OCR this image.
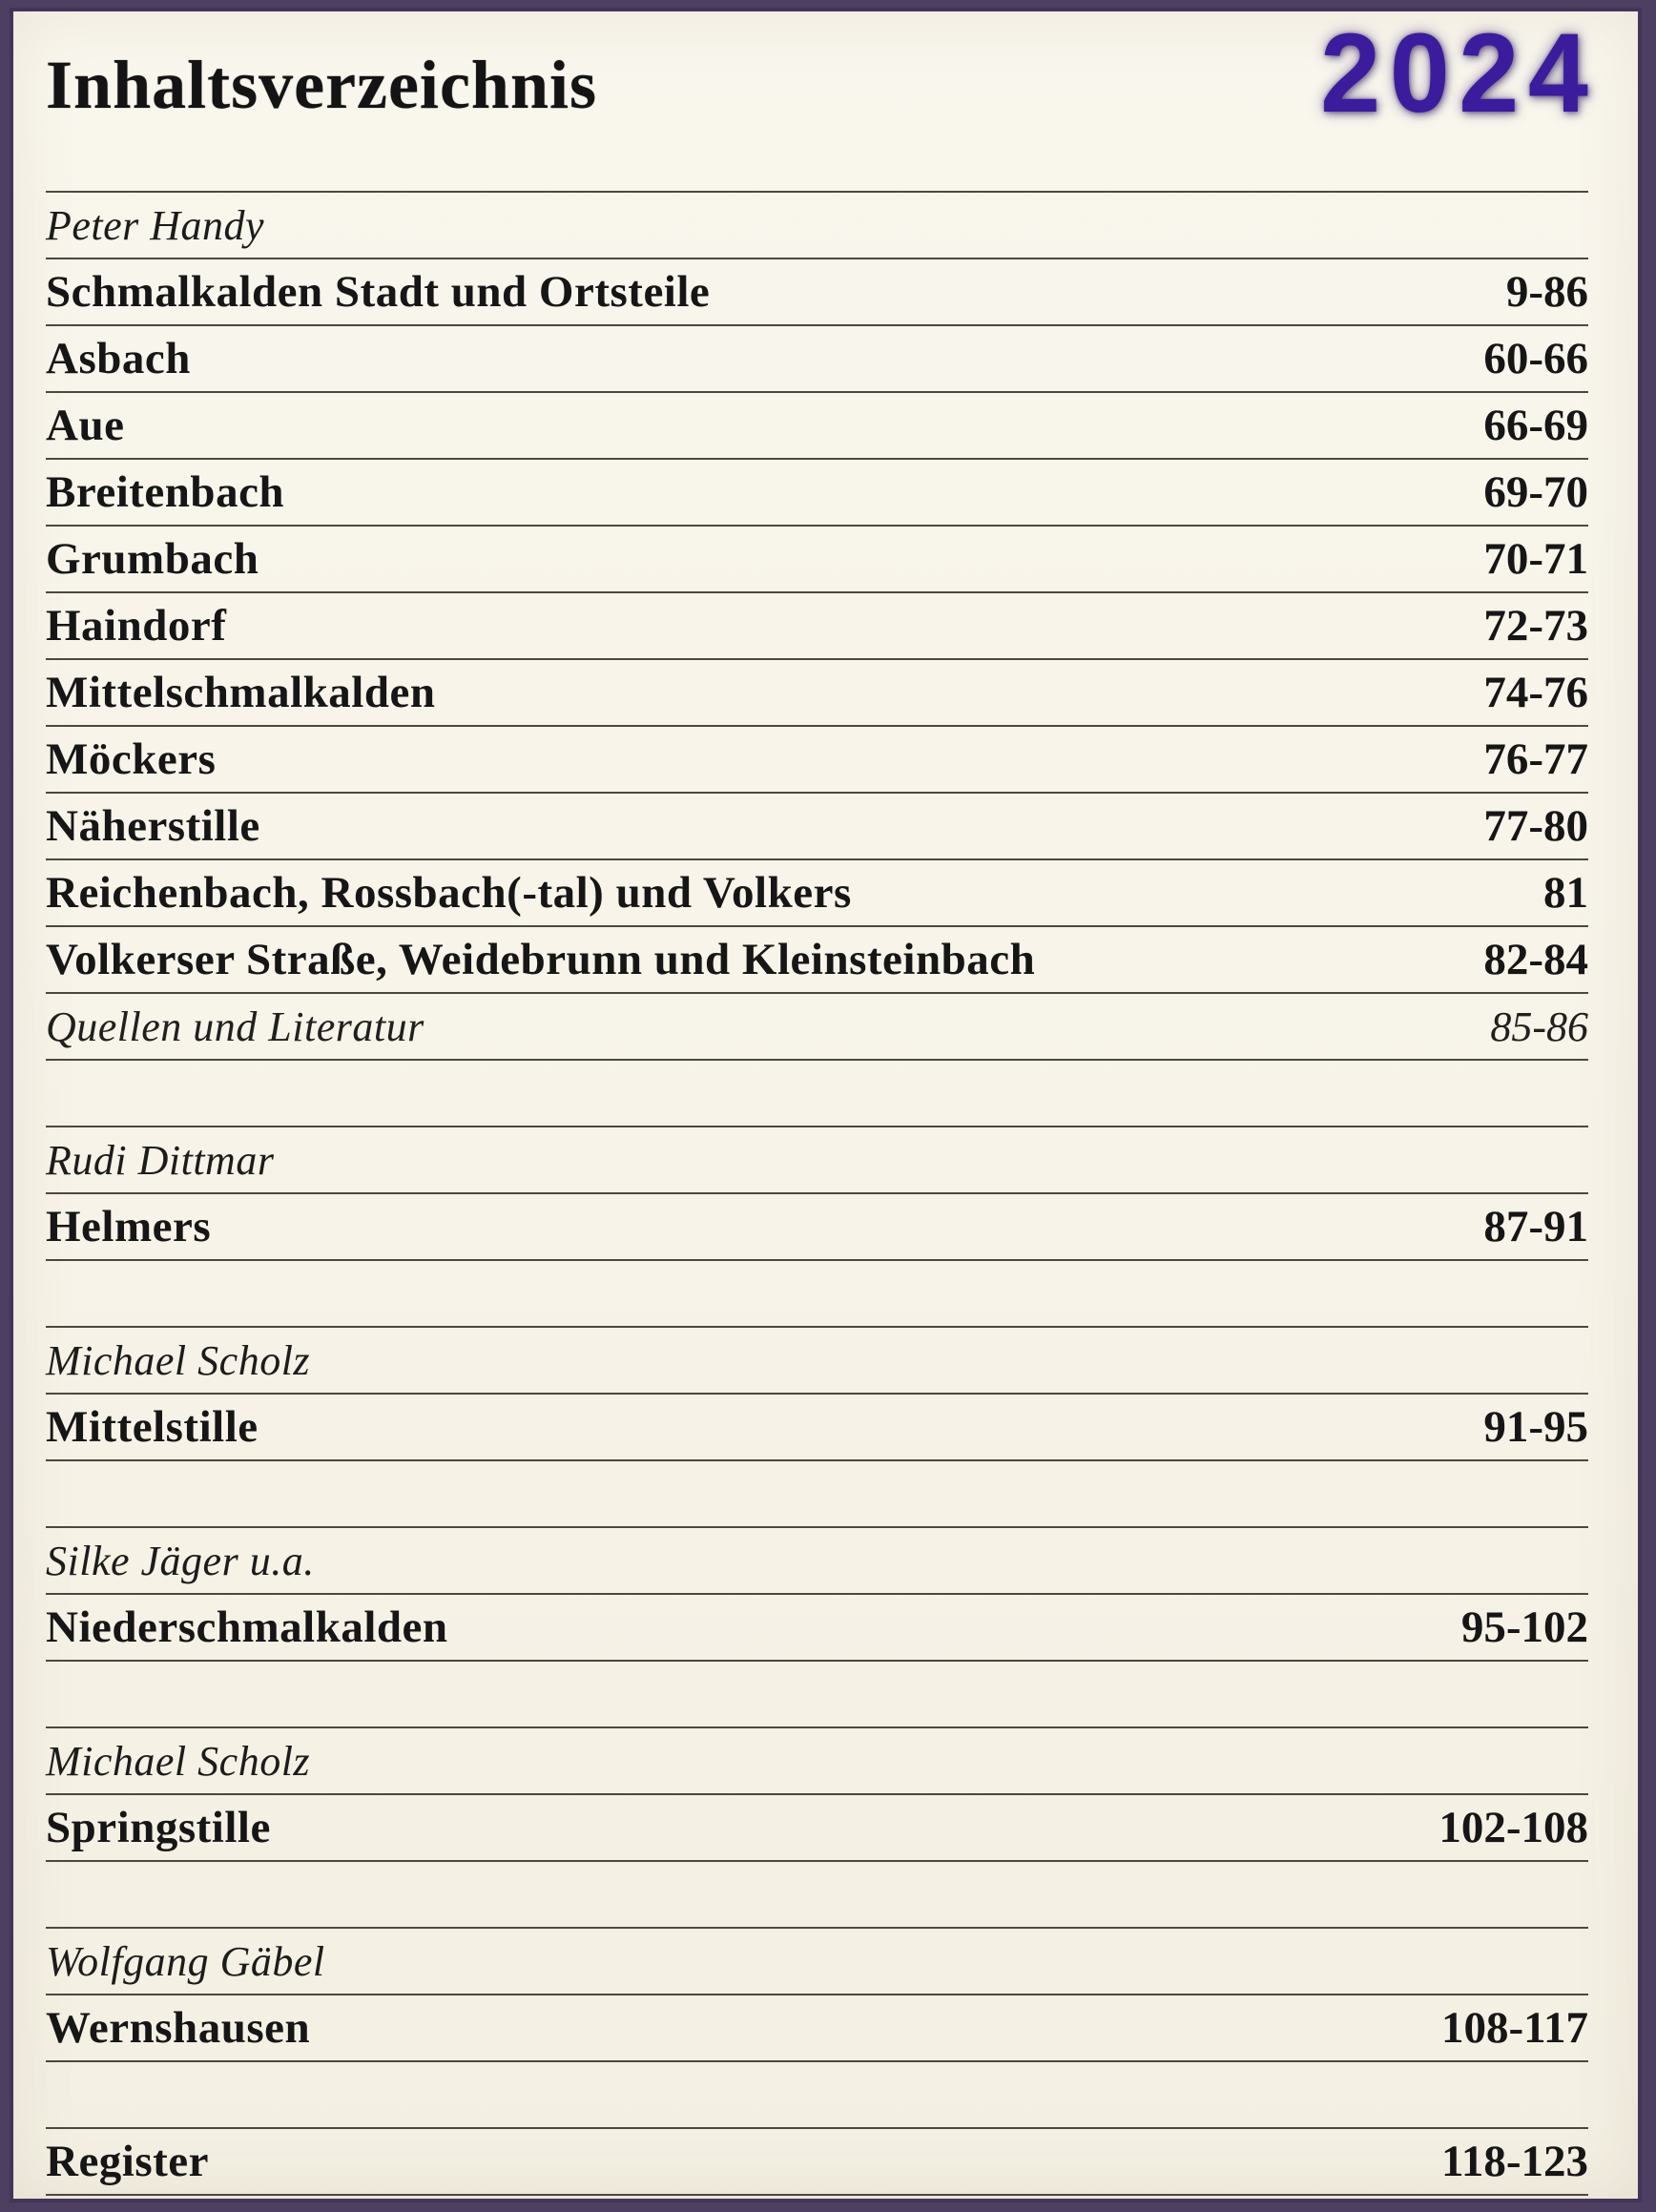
Inhaltsverzeichnis	2024
Peter Handy
Schmalkalden Stadt und Ortsteile	9-86
Asbach	60-66
Aue	66-69
Breitenbach	69-70
Grumbach	70-71
Haindorf	72-73
Mittelschmalkalden	74-76
Möckers	76-77
Näherstille	77-80
Reichenbach, Rossbach(-tal) und Volkers	81
Volkerser Straße, Weidebrunn und Kleinsteinbach	82-84
Quellen und Literatur	85-86
Rudi Dittmar
Helmers	87-91
Michael Scholz
Mittelstille	91-95
Silke Jäger u.a.
Niederschmalkalden	95-102
Michael Scholz
Springstille	102-108
Wolfgang Gäbel
Wernshausen	108-117
Register	118-123
